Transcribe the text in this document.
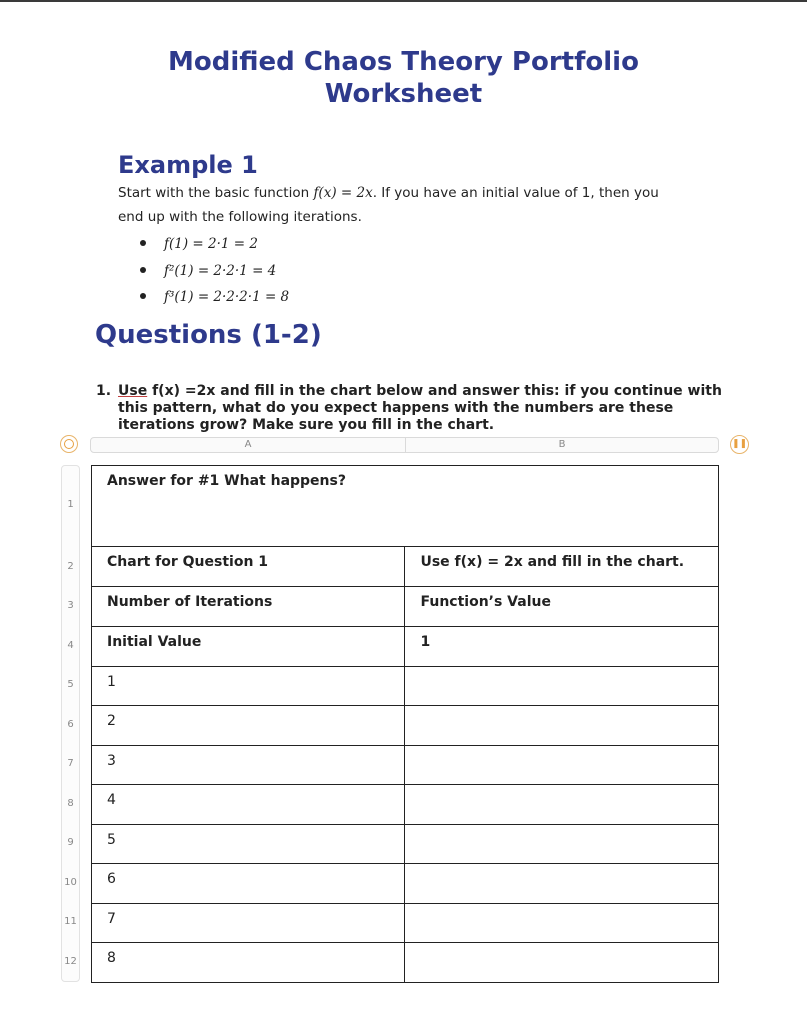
Modified Chaos Theory Portfolio
Worksheet
Example 1
Start with the basic function f(x) = 2x. If you have an initial value of 1, then you
end up with the following iterations.
f(1) = 2·1 = 2
f²(1) = 2·2·1 = 4
f³(1) = 2·2·2·1 = 8
Questions (1-2)
1. Use f(x) =2x and fill in the chart below and answer this: if you continue with this pattern, what do you expect happens with the numbers are these iterations grow? Make sure you fill in the chart.
A	B	❚❚
1
2
3
4
5
6
7
8
9
10
11
12
Answer for #1 What happens?	

Chart for Question 1	Use f(x) = 2x and fill in the chart.

Number of Iterations	Function’s Value

Initial Value	1

1	

2	

3	

4	

5	

6	

7	

8	
